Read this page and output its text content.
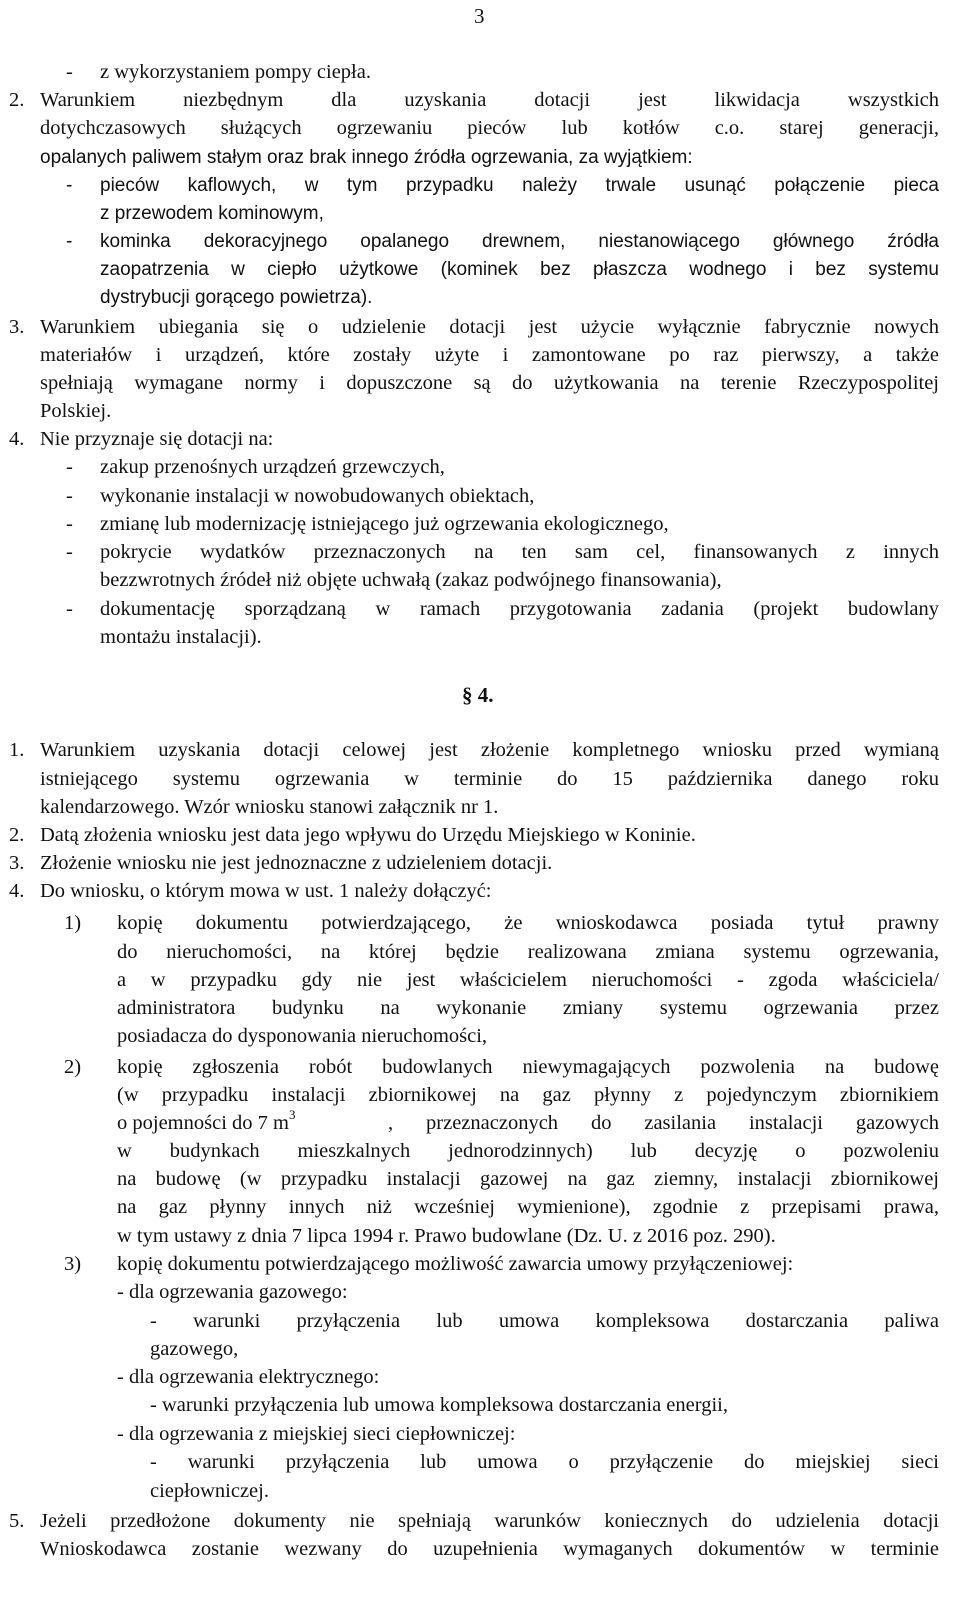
3
- z wykorzystaniem pompy ciepła.
2. Warunkiem niezbędnym dla uzyskania dotacji jest likwidacja wszystkich
dotychczasowych służących ogrzewaniu pieców lub kotłów c.o. starej generacji,
opalanych paliwem stałym oraz brak innego źródła ogrzewania, za wyjątkiem:
- pieców kaflowych, w tym przypadku należy trwale usunąć połączenie pieca
z przewodem kominowym,
- kominka dekoracyjnego opalanego drewnem, niestanowiącego głównego źródła
zaopatrzenia w ciepło użytkowe (kominek bez płaszcza wodnego i bez systemu
dystrybucji gorącego powietrza).
3. Warunkiem ubiegania się o udzielenie dotacji jest użycie wyłącznie fabrycznie nowych
materiałów i urządzeń, które zostały użyte i zamontowane po raz pierwszy, a także
spełniają wymagane normy i dopuszczone są do użytkowania na terenie Rzeczypospolitej
Polskiej.
4. Nie przyznaje się dotacji na:
- zakup przenośnych urządzeń grzewczych,
- wykonanie instalacji w nowobudowanych obiektach,
- zmianę lub modernizację istniejącego już ogrzewania ekologicznego,
- pokrycie wydatków przeznaczonych na ten sam cel, finansowanych z innych
bezzwrotnych źródeł niż objęte uchwałą (zakaz podwójnego finansowania),
- dokumentację sporządzaną w ramach przygotowania zadania (projekt budowlany
montażu instalacji).
§ 4.
1. Warunkiem uzyskania dotacji celowej jest złożenie kompletnego wniosku przed wymianą
istniejącego systemu ogrzewania w terminie do 15 października danego roku
kalendarzowego. Wzór wniosku stanowi załącznik nr 1.
2. Datą złożenia wniosku jest data jego wpływu do Urzędu Miejskiego w Koninie.
3. Złożenie wniosku nie jest jednoznaczne z udzieleniem dotacji.
4. Do wniosku, o którym mowa w ust. 1 należy dołączyć:
1) kopię dokumentu potwierdzającego, że wnioskodawca posiada tytuł prawny
do nieruchomości, na której będzie realizowana zmiana systemu ogrzewania,
a w przypadku gdy nie jest właścicielem nieruchomości - zgoda właściciela/
administratora budynku na wykonanie zmiany systemu ogrzewania przez
posiadacza do dysponowania nieruchomości,
2) kopię zgłoszenia robót budowlanych niewymagających pozwolenia na budowę
(w przypadku instalacji zbiornikowej na gaz płynny z pojedynczym zbiornikiem
o pojemności do 7 $m^3$	, przeznaczonych do zasilania instalacji gazowych
w budynkach mieszkalnych jednorodzinnych) lub decyzję o pozwoleniu
na budowę (w przypadku instalacji gazowej na gaz ziemny, instalacji zbiornikowej
na gaz płynny innych niż wcześniej wymienione), zgodnie z przepisami prawa,
w tym ustawy z dnia 7 lipca 1994 r. Prawo budowlane (Dz. U. z 2016 poz. 290).
3) kopię dokumentu potwierdzającego możliwość zawarcia umowy przyłączeniowej:
- dla ogrzewania gazowego:
- warunki przyłączenia lub umowa kompleksowa dostarczania paliwa
gazowego,
- dla ogrzewania elektrycznego:
- warunki przyłączenia lub umowa kompleksowa dostarczania energii,
- dla ogrzewania z miejskiej sieci ciepłowniczej:
- warunki przyłączenia lub umowa o przyłączenie do miejskiej sieci
ciepłowniczej.
5. Jeżeli przedłożone dokumenty nie spełniają warunków koniecznych do udzielenia dotacji
Wnioskodawca zostanie wezwany do uzupełnienia wymaganych dokumentów w terminie
